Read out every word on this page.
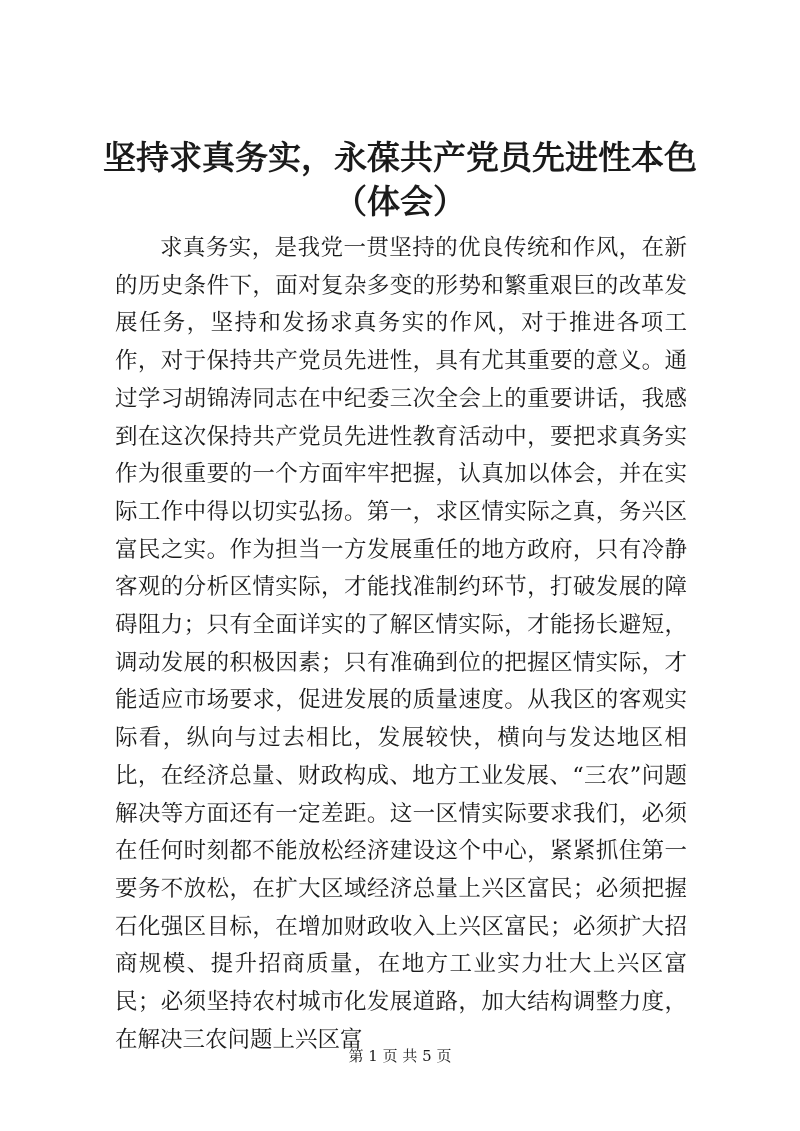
坚持求真务实，永葆共产党员先进性本色（体会）

求真务实，是我党一贯坚持的优良传统和作风，在新的历史条件下，面对复杂多变的形势和繁重艰巨的改革发展任务，坚持和发扬求真务实的作风，对于推进各项工作，对于保持共产党员先进性，具有尤其重要的意义。通过学习胡锦涛同志在中纪委三次全会上的重要讲话，我感到在这次保持共产党员先进性教育活动中，要把求真务实作为很重要的一个方面牢牢把握，认真加以体会，并在实际工作中得以切实弘扬。第一，求区情实际之真，务兴区富民之实。作为担当一方发展重任的地方政府，只有冷静客观的分析区情实际，才能找准制约环节，打破发展的障碍阻力；只有全面详实的了解区情实际，才能扬长避短，调动发展的积极因素；只有准确到位的把握区情实际，才能适应市场要求，促进发展的质量速度。从我区的客观实际看，纵向与过去相比，发展较快，横向与发达地区相比，在经济总量、财政构成、地方工业发展、“三农”问题解决等方面还有一定差距。这一区情实际要求我们，必须在任何时刻都不能放松经济建设这个中心，紧紧抓住第一要务不放松，在扩大区域经济总量上兴区富民；必须把握石化强区目标，在增加财政收入上兴区富民；必须扩大招商规模、提升招商质量，在地方工业实力壮大上兴区富民；必须坚持农村城市化发展道路，加大结构调整力度，在解决三农问题上兴区富

第 1 页 共 5 页
